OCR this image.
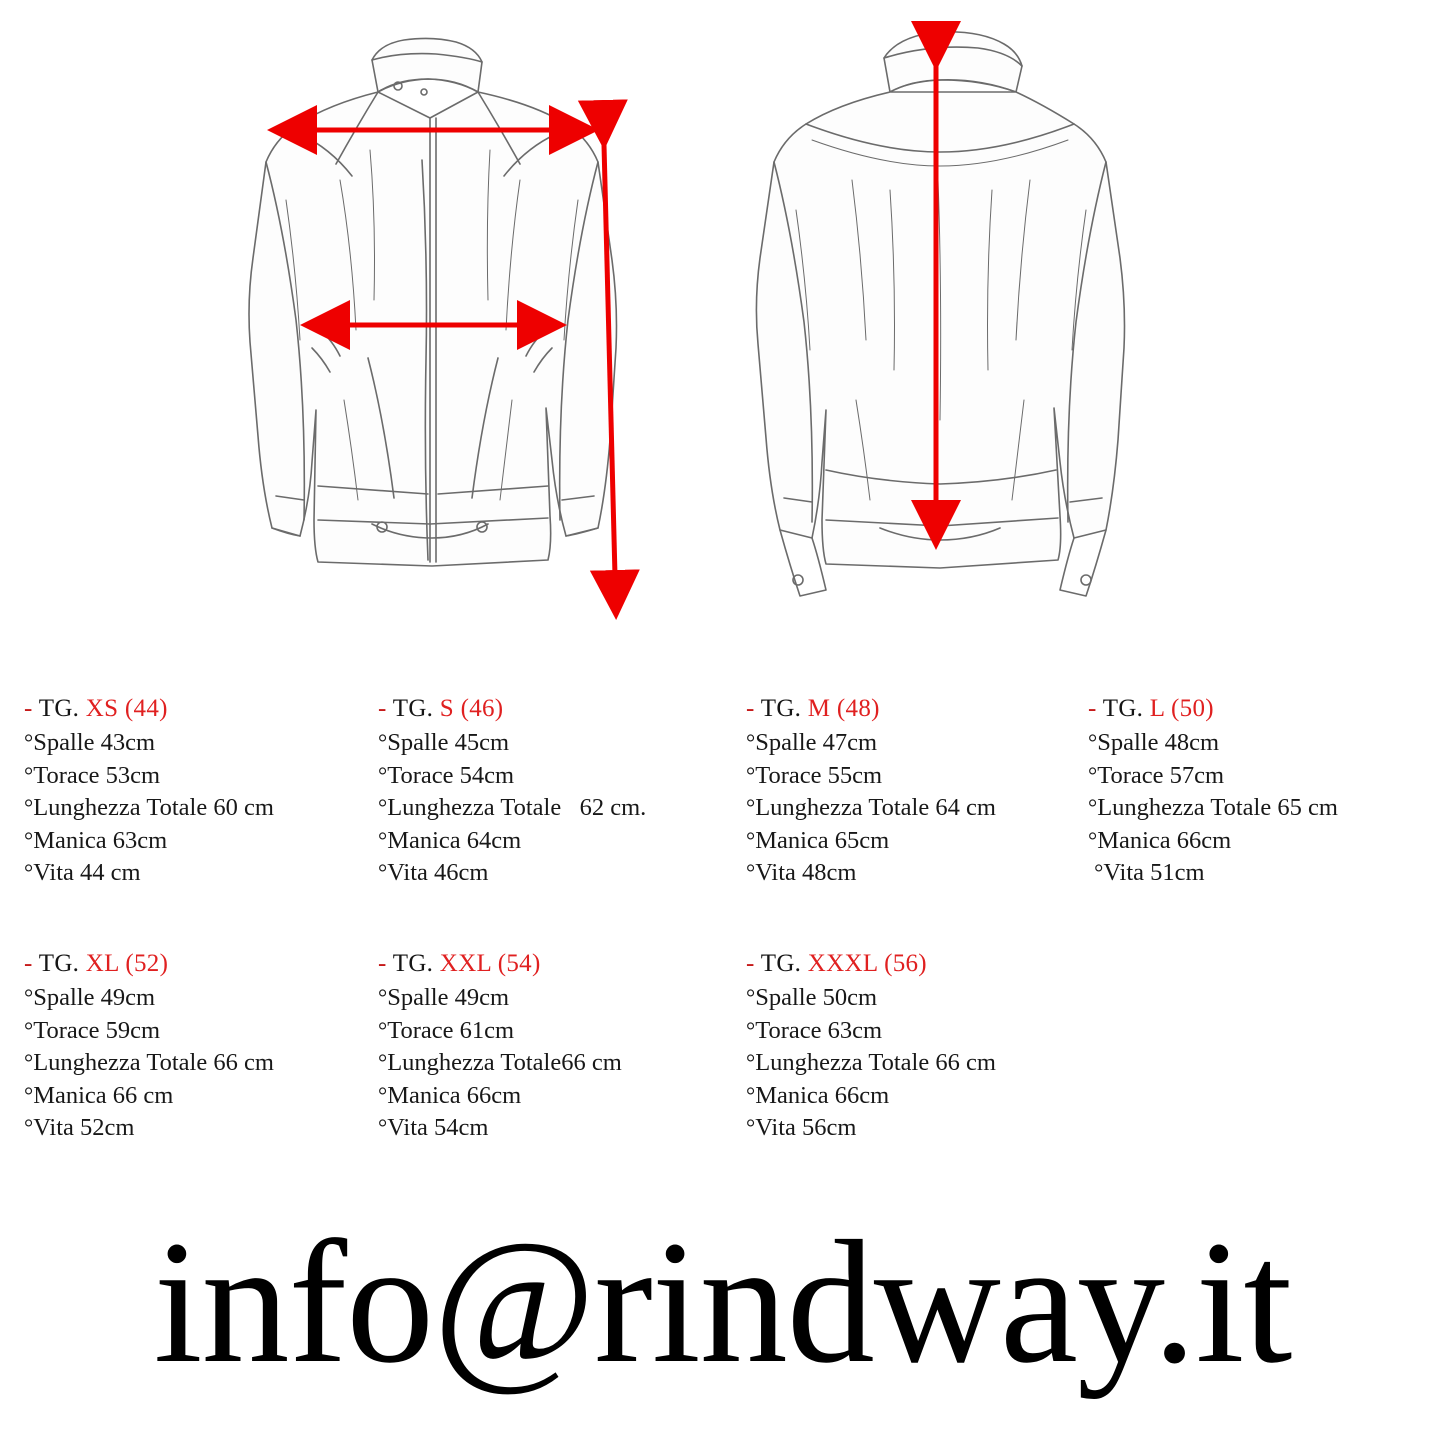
- TG. XS (44)
°Spalle 43cm
°Torace 53cm
°Lunghezza Totale 60 cm
°Manica 63cm
°Vita 44 cm
- TG. S (46)
°Spalle 45cm
°Torace 54cm
°Lunghezza Totale 62 cm.
°Manica 64cm
°Vita 46cm
- TG. M (48)
°Spalle 47cm
°Torace 55cm
°Lunghezza Totale 64 cm
°Manica 65cm
°Vita 48cm
- TG. L (50)
°Spalle 48cm
°Torace 57cm
°Lunghezza Totale 65 cm
°Manica 66cm
°Vita 51cm
- TG. XL (52)
°Spalle 49cm
°Torace 59cm
°Lunghezza Totale 66 cm
°Manica 66 cm
°Vita 52cm
- TG. XXL (54)
°Spalle 49cm
°Torace 61cm
°Lunghezza Totale66 cm
°Manica 66cm
°Vita 54cm
- TG. XXXL (56)
°Spalle 50cm
°Torace 63cm
°Lunghezza Totale 66 cm
°Manica 66cm
°Vita 56cm
info@rindway.it
